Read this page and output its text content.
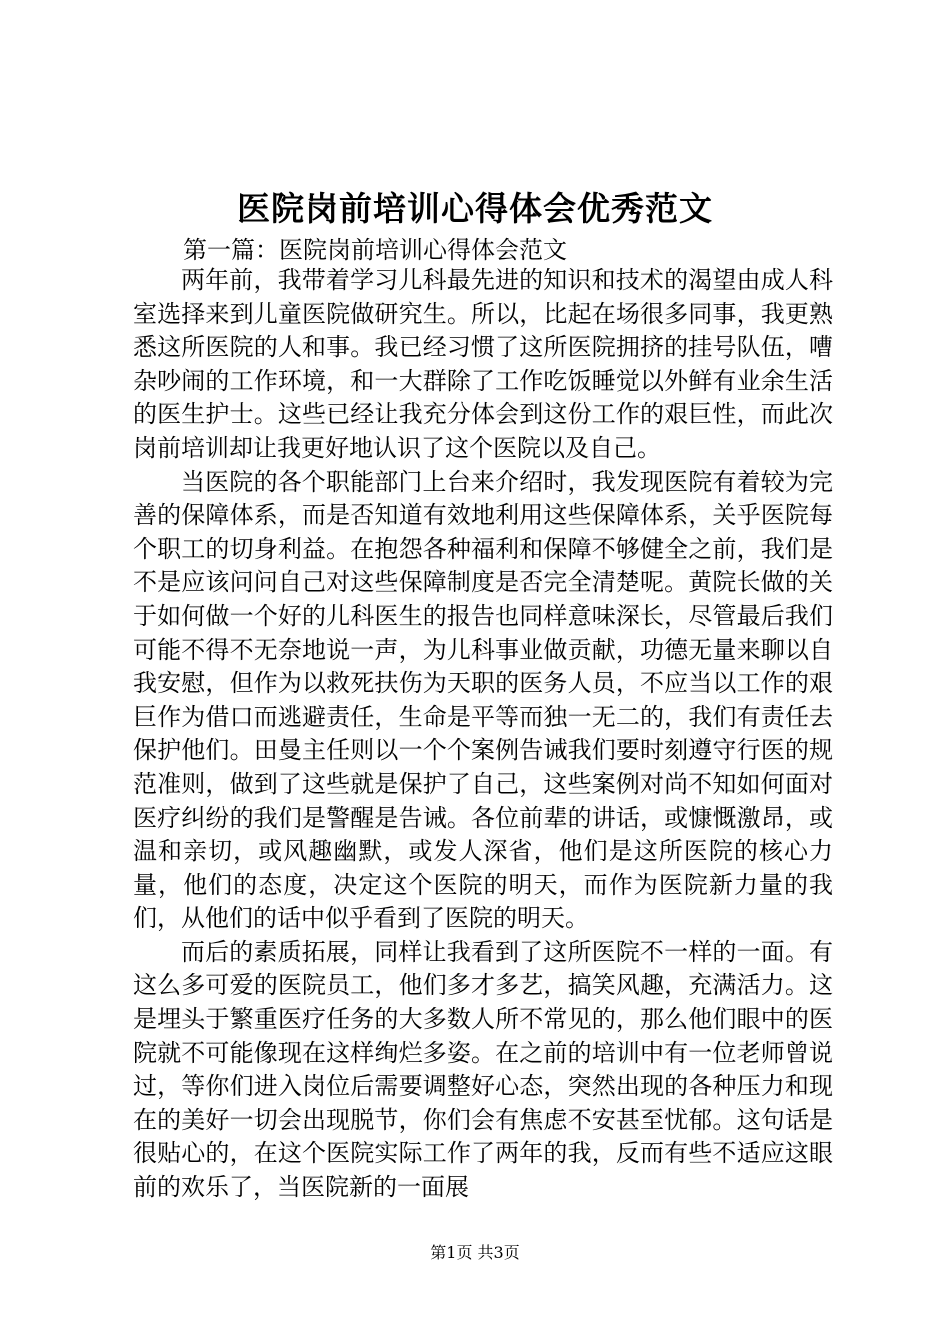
医院岗前培训心得体会优秀范文
第一篇：医院岗前培训心得体会范文

两年前，我带着学习儿科最先进的知识和技术的渴望由成人科室选择来到儿童医院做研究生。所以，比起在场很多同事，我更熟悉这所医院的人和事。我已经习惯了这所医院拥挤的挂号队伍，嘈杂吵闹的工作环境，和一大群除了工作吃饭睡觉以外鲜有业余生活的医生护士。这些已经让我充分体会到这份工作的艰巨性，而此次岗前培训却让我更好地认识了这个医院以及自己。

当医院的各个职能部门上台来介绍时，我发现医院有着较为完善的保障体系，而是否知道有效地利用这些保障体系，关乎医院每个职工的切身利益。在抱怨各种福利和保障不够健全之前，我们是不是应该问问自己对这些保障制度是否完全清楚呢。黄院长做的关于如何做一个好的儿科医生的报告也同样意味深长，尽管最后我们可能不得不无奈地说一声，为儿科事业做贡献，功德无量来聊以自我安慰，但作为以救死扶伤为天职的医务人员，不应当以工作的艰巨作为借口而逃避责任，生命是平等而独一无二的，我们有责任去保护他们。田曼主任则以一个个案例告诫我们要时刻遵守行医的规范准则，做到了这些就是保护了自己，这些案例对尚不知如何面对医疗纠纷的我们是警醒是告诫。各位前辈的讲话，或慷慨激昂，或温和亲切，或风趣幽默，或发人深省，他们是这所医院的核心力量，他们的态度，决定这个医院的明天，而作为医院新力量的我们，从他们的话中似乎看到了医院的明天。

而后的素质拓展，同样让我看到了这所医院不一样的一面。有这么多可爱的医院员工，他们多才多艺，搞笑风趣，充满活力。这是埋头于繁重医疗任务的大多数人所不常见的，那么他们眼中的医院就不可能像现在这样绚烂多姿。在之前的培训中有一位老师曾说过，等你们进入岗位后需要调整好心态，突然出现的各种压力和现在的美好一切会出现脱节，你们会有焦虑不安甚至忧郁。这句话是很贴心的，在这个医院实际工作了两年的我，反而有些不适应这眼前的欢乐了，当医院新的一面展

第1页 共3页
